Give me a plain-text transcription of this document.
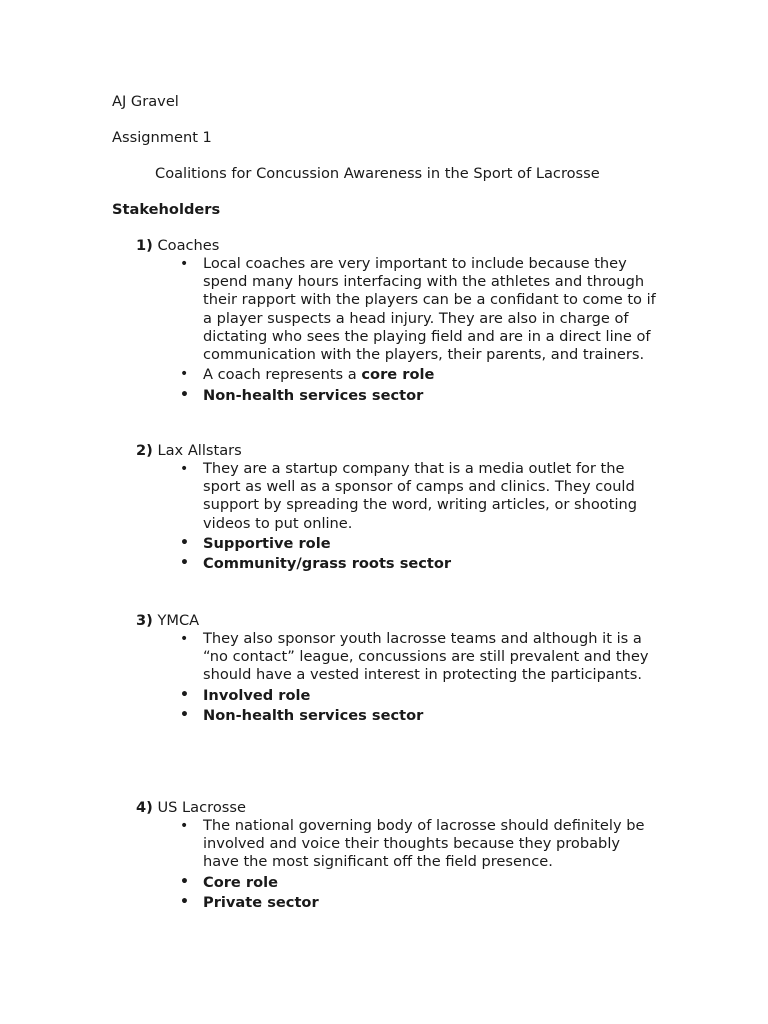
AJ Gravel
Assignment 1
Coalitions for Concussion Awareness in the Sport of Lacrosse
Stakeholders
1) Coaches
• Local coaches are very important to include because they spend many hours interfacing with the athletes and through their rapport with the players can be a confidant to come to if a player suspects a head injury. They are also in charge of dictating who sees the playing field and are in a direct line of communication with the players, their parents, and trainers.
• A coach represents a core role
• Non-health services sector
2) Lax Allstars
• They are a startup company that is a media outlet for the sport as well as a sponsor of camps and clinics. They could support by spreading the word, writing articles, or shooting videos to put online.
• Supportive role
• Community/grass roots sector
3) YMCA
• They also sponsor youth lacrosse teams and although it is a “no contact” league, concussions are still prevalent and they should have a vested interest in protecting the participants.
• Involved role
• Non-health services sector
4) US Lacrosse
• The national governing body of lacrosse should definitely be involved and voice their thoughts because they probably have the most significant off the field presence.
• Core role
• Private sector
